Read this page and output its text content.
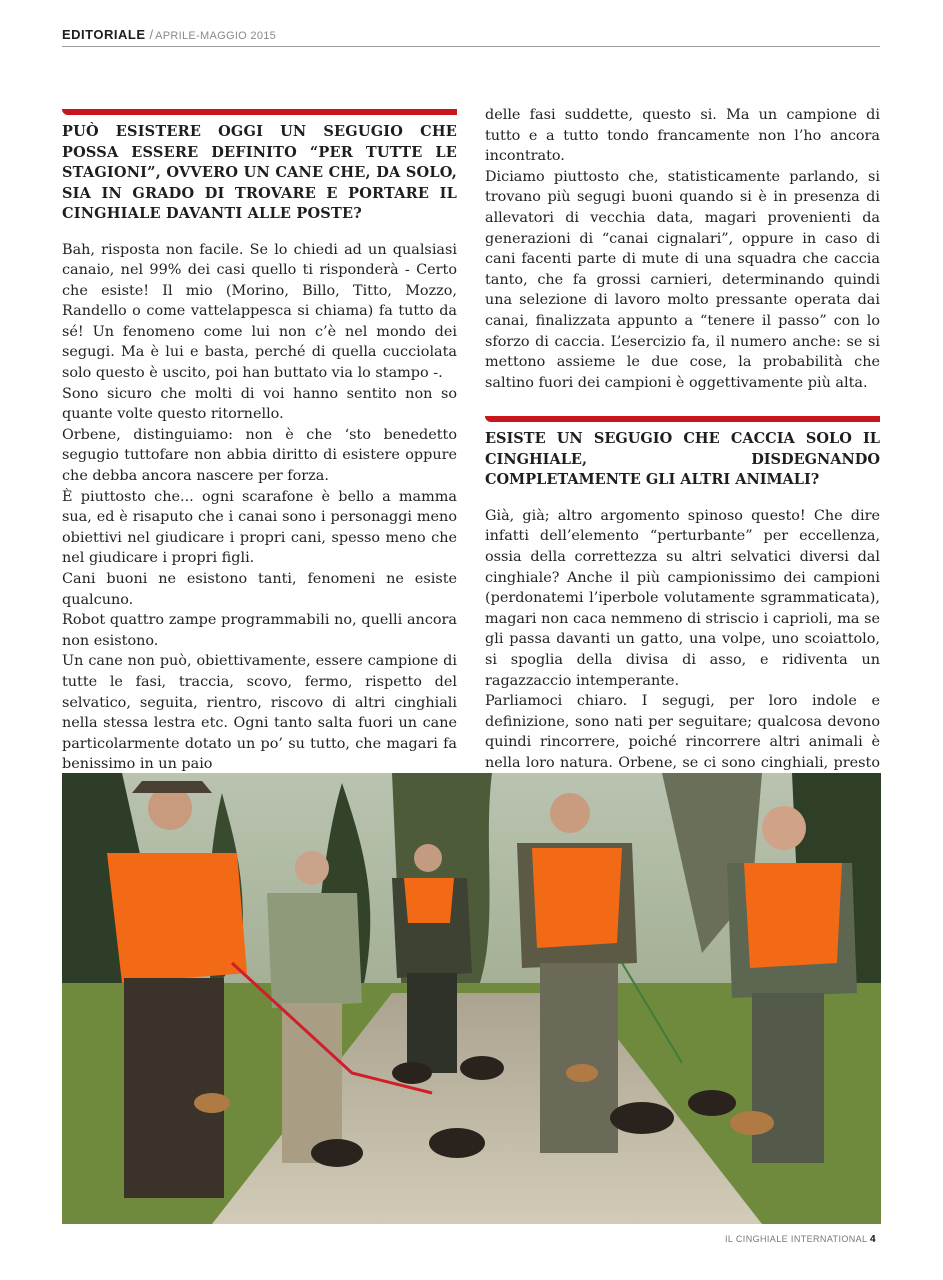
EDITORIALE / APRILE-MAGGIO 2015
PUÒ ESISTERE OGGI UN SEGUGIO CHE POSSA ESSERE DEFINITO “PER TUTTE LE STAGIONI”, OVVERO UN CANE CHE, DA SOLO, SIA IN GRADO DI TROVARE E PORTARE IL CINGHIALE DAVANTI ALLE POSTE?

Bah, risposta non facile. Se lo chiedi ad un qualsiasi canaio, nel 99% dei casi quello ti risponderà - Certo che esiste! Il mio (Morino, Billo, Titto, Mozzo, Randello o come vattelappesca si chiama) fa tutto da sé! Un fenomeno come lui non c’è nel mondo dei segugi. Ma è lui e basta, perché di quella cucciolata solo questo è uscito, poi han buttato via lo stampo -.

Sono sicuro che molti di voi hanno sentito non so quante volte questo ritornello.

Orbene, distinguiamo: non è che ‘sto benedetto segugio tuttofare non abbia diritto di esistere oppure che debba ancora nascere per forza.

È piuttosto che... ogni scarafone è bello a mamma sua, ed è risaputo che i canai sono i personaggi meno obiettivi nel giudicare i propri cani, spesso meno che nel giudicare i propri figli.

Cani buoni ne esistono tanti, fenomeni ne esiste qualcuno.

Robot quattro zampe programmabili no, quelli ancora non esistono.

Un cane non può, obiettivamente, essere campione di tutte le fasi, traccia, scovo, fermo, rispetto del selvatico, seguita, rientro, riscovo di altri cinghiali nella stessa lestra etc. Ogni tanto salta fuori un cane particolarmente dotato un po’ su tutto, che magari fa benissimo in un paio

delle fasi suddette, questo si. Ma un campione di tutto e a tutto tondo francamente non l’ho ancora incontrato.

Diciamo piuttosto che, statisticamente parlando, si trovano più segugi buoni quando si è in presenza di allevatori di vecchia data, magari provenienti da generazioni di “canai cignalari”, oppure in caso di cani facenti parte di mute di una squadra che caccia tanto, che fa grossi carnieri, determinando quindi una selezione di lavoro molto pressante operata dai canai, finalizzata appunto a “tenere il passo” con lo sforzo di caccia. L’esercizio fa, il numero anche: se si mettono assieme le due cose, la probabilità che saltino fuori dei campioni è oggettivamente più alta.

ESISTE UN SEGUGIO CHE CACCIA SOLO IL CINGHIALE, DISDEGNANDO COMPLETAMENTE GLI ALTRI ANIMALI?

Già, già; altro argomento spinoso questo! Che dire infatti dell’elemento “perturbante” per eccellenza, ossia della correttezza su altri selvatici diversi dal cinghiale? Anche il più campionissimo dei campioni (perdonatemi l’iperbole volutamente sgrammaticata), magari non caca nemmeno di striscio i caprioli, ma se gli passa davanti un gatto, una volpe, uno scoiattolo, si spoglia della divisa di asso, e ridiventa un ragazzaccio intemperante.

Parliamoci chiaro. I segugi, per loro indole e definizione, sono nati per seguitare; qualcosa devono quindi rincorrere, poiché rincorrere altri animali è nella loro natura. Orbene, se ci sono cinghiali, presto

IL CINGHIALE INTERNATIONAL 4
